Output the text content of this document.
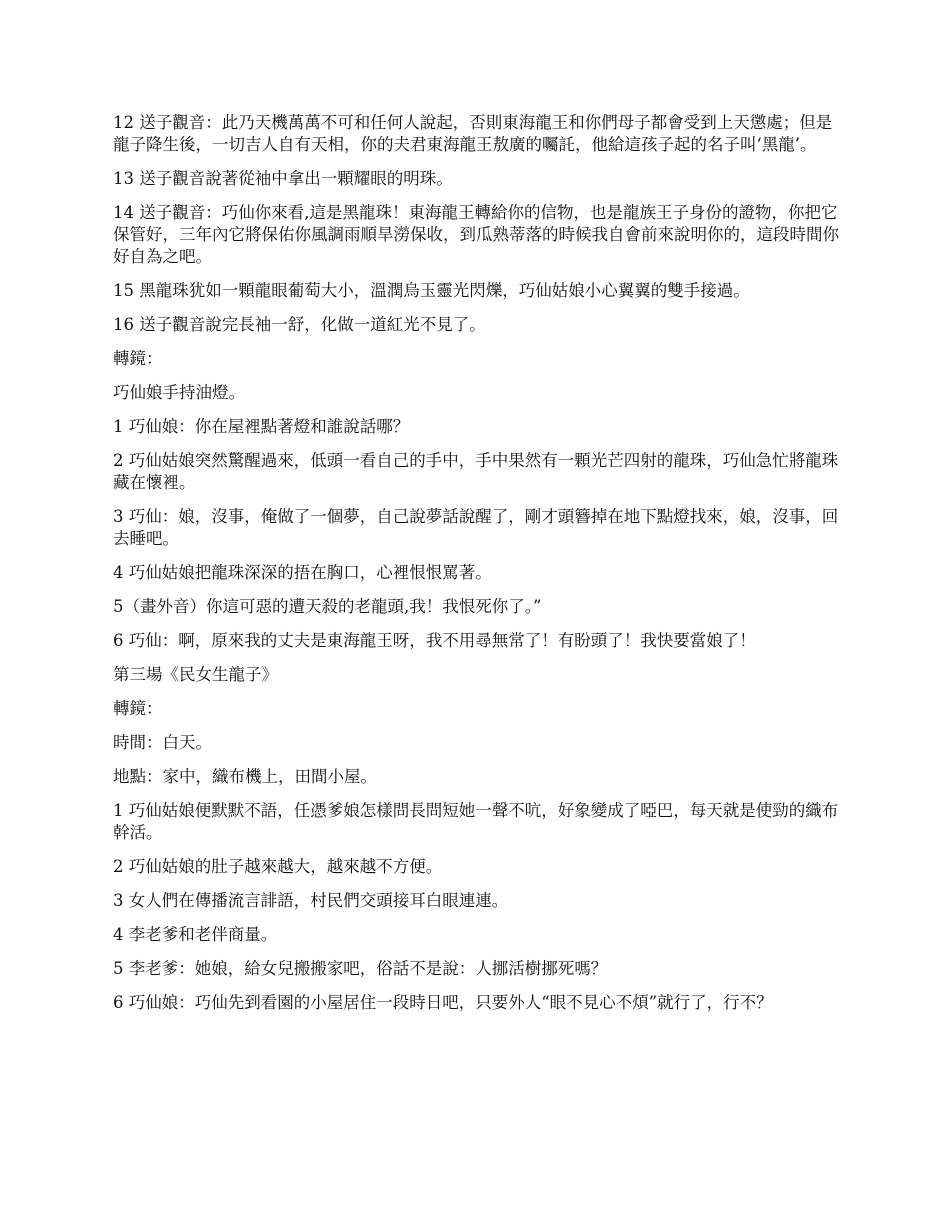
12 送子觀音：此乃天機萬萬不可和任何人說起，否則東海龍王和你們母子都會受到上天懲處；但是龍子降生後，一切吉人自有天相，你的夫君東海龍王敖廣的囑託，他給這孩子起的名子叫‘黑龍’。

13 送子觀音說著從袖中拿出一顆耀眼的明珠。

14 送子觀音：巧仙你來看,這是黑龍珠！東海龍王轉給你的信物，也是龍族王子身份的證物，你把它保管好，三年內它將保佑你風調雨順旱澇保收，到瓜熟蒂落的時候我自會前來說明你的，這段時間你好自為之吧。

15 黑龍珠犹如一顆龍眼葡萄大小，溫潤烏玉靈光閃爍，巧仙姑娘小心翼翼的雙手接過。

16 送子觀音說完長袖一舒，化做一道紅光不見了。

轉鏡：

巧仙娘手持油燈。

1 巧仙娘：你在屋裡點著燈和誰說話哪？

2 巧仙姑娘突然驚醒過來，低頭一看自己的手中，手中果然有一顆光芒四射的龍珠，巧仙急忙將龍珠藏在懷裡。

3 巧仙：娘，沒事，俺做了一個夢，自己說夢話說醒了，剛才頭簪掉在地下點燈找來，娘，沒事，回去睡吧。

4 巧仙姑娘把龍珠深深的捂在胸口，心裡恨恨罵著。

5（畫外音）你這可惡的遭天殺的老龍頭,我！我恨死你了。”

6 巧仙：啊，原來我的丈夫是東海龍王呀，我不用尋無常了！有盼頭了！我快要當娘了！

第三場《民女生龍子》

轉鏡：

時間：白天。

地點：家中，織布機上，田間小屋。

1 巧仙姑娘便默默不語，任憑爹娘怎樣問長問短她一聲不吭，好象變成了啞巴，每天就是使勁的織布幹活。

2 巧仙姑娘的肚子越來越大，越來越不方便。

3 女人們在傳播流言誹語，村民們交頭接耳白眼連連。

4 李老爹和老伴商量。

5 李老爹：她娘，給女兒搬搬家吧，俗話不是說：人挪活樹挪死嗎？

6 巧仙娘：巧仙先到看園的小屋居住一段時日吧，只要外人“眼不見心不煩”就行了，行不？
